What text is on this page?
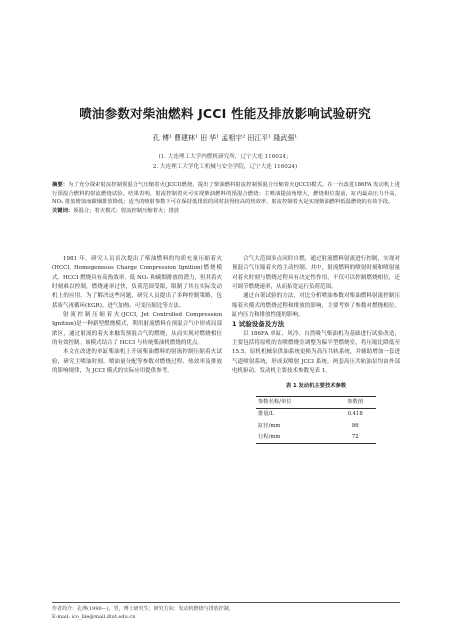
喷油参数对柴油燃料 JCCI 性能及排放影响试验研究
孔 博¹ 曹建林¹ 田 华¹ 孟相宇² 田江平¹ 隆武强¹
(1. 大连理工大学内燃机研究所，辽宁大连 116024；
2. 大连理工大学化工机械与安全学院，辽宁大连 116024)
摘要：为了充分探索射流控制预混合气压缩着火(JCCI)燃烧，提出了柴油燃料射流控制预混合压缩着火(JCCI)模式。在一台改进186FA 发动机上进行预混合燃料的射流燃烧试验。结果表明，射流控制着火可实现柴油燃料的预混合燃烧；主喷油提前角增大，燃烧相位提前，缸内最高压力升高，NOₓ 排放增加而碳烟排放降低；适当的喷射参数下可在保持低排放的同时获得较高的热效率，射流控制着火是实现柴油燃料低温燃烧的有效手段。
关键词：预混合；着火模式；射流控制压缩着火；排放

1981 年，研究人员首次提出了柴油燃料的均质充量压缩着火(HCCI, Homogeneous Charge Compression Ignition)燃烧模式。HCCI 燃烧具有高热效率、低 NOₓ 和碳烟排放的潜力，但其着火时刻难以控制，燃烧速率过快，负荷范围受限，限制了其在实际发动机上的应用。为了解决这些问题，研究人员提出了多种控制策略，包括废气再循环(EGR)、进气加热、可变压缩比等方法。

射流控制压缩着火(JCCI, Jet Controlled Compression Ignition)是一种新型燃烧模式，利用射流燃料在预混合气中形成局部浓区，通过射流的着火来触发预混合气的燃烧，从而实现对燃烧相位的有效控制。该模式结合了 HCCI 与传统柴油机燃烧的优点。

本文在改进的单缸柴油机上开展柴油燃料的射流控制压缩着火试验，研究主喷油时刻、喷油量分配等参数对燃烧过程、热效率及排放的影响规律，为 JCCI 模式的实际应用提供参考。

合气大范围多点同时自燃，通过射流燃料射流进行控制，实现对预混合气压缩着火的主动控制。其中，射流燃料的喷射时刻和喷射量对着火时刻与燃烧过程具有决定性作用，不仅可以控制燃烧相位，还可调节燃烧速率，从而拓宽运行负荷范围。

通过台架试验的方法，对比分析喷油参数对柴油燃料射流控制压缩着火模式的燃烧过程和排放的影响，主要考察了参数对燃烧相位、缸内压力和排放性能的影响。

1 试验设备及方法

以 186FA 单缸、风冷、自然吸气柴油机为基础进行试验改造，主要包括将原机的直喷燃烧室调整为偏平型燃烧室，将压缩比降低至 15.5，原机机械泵供油系统更换为高压共轨系统，并辅助增加一套进气道喷射系统，形成双喷射 JCCI 系统。两套高压共轨油泵均由外部电机驱动。发动机主要技术参数见表 1。

表 1 发动机主要技术参数
参数名称/单位	参数值
排量/L	0.418
缸径/mm	86
行程/mm	72
作者简介：孔博(1990—)，男，博士研究生；研究方向：发动机燃烧与排放控制。
E-mail: ico_lile@mail.dlut.edu.cn
